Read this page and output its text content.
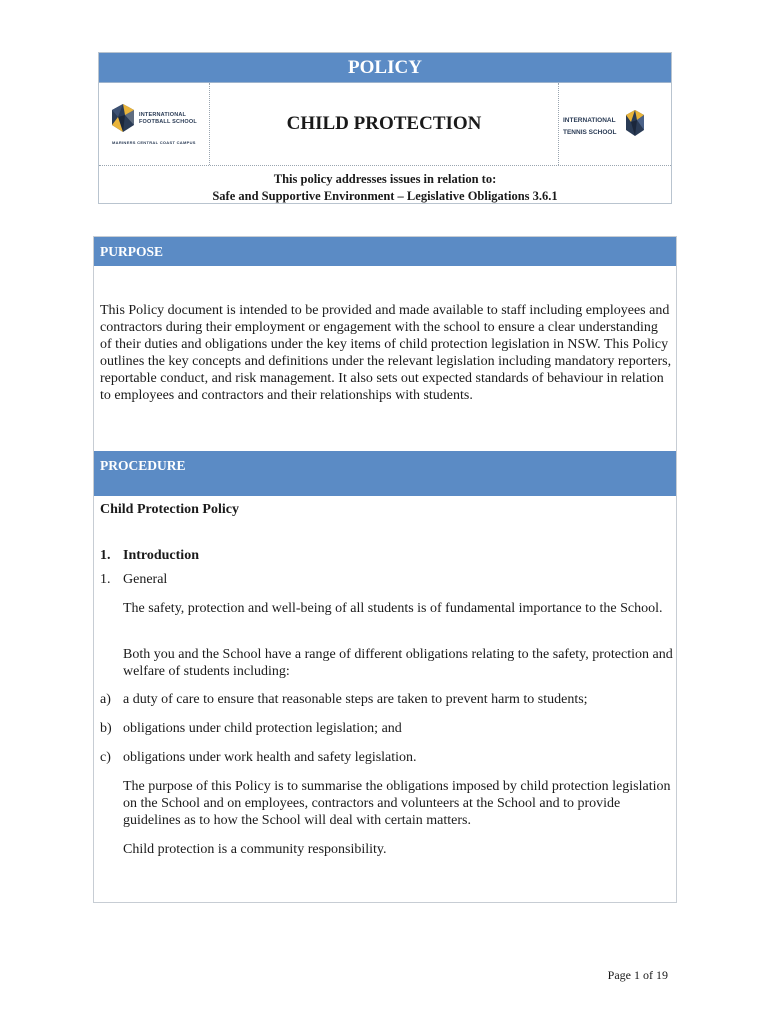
POLICY
INTERNATIONAL
FOOTBALL SCHOOL
MARINERS CENTRAL COAST CAMPUS
CHILD PROTECTION	INTERNATIONAL
TENNIS SCHOOL
This policy addresses issues in relation to:
Safe and Supportive Environment – Legislative Obligations 3.6.1
PURPOSE

This Policy document is intended to be provided and made available to staff including employees and contractors during their employment or engagement with the school to ensure a clear understanding of their duties and obligations under the key items of child protection legislation in NSW. This Policy outlines the key concepts and definitions under the relevant legislation including mandatory reporters, reportable conduct, and risk management. It also sets out expected standards of behaviour in relation to employees and contractors and their relationships with students.

PROCEDURE

Child Protection Policy

1. Introduction

1. General

The safety, protection and well-being of all students is of fundamental importance to the School.

Both you and the School have a range of different obligations relating to the safety, protection and welfare of students including:

a) a duty of care to ensure that reasonable steps are taken to prevent harm to students;

b) obligations under child protection legislation; and

c) obligations under work health and safety legislation.

The purpose of this Policy is to summarise the obligations imposed by child protection legislation on the School and on employees, contractors and volunteers at the School and to provide guidelines as to how the School will deal with certain matters.

Child protection is a community responsibility.

Page 1 of 19
